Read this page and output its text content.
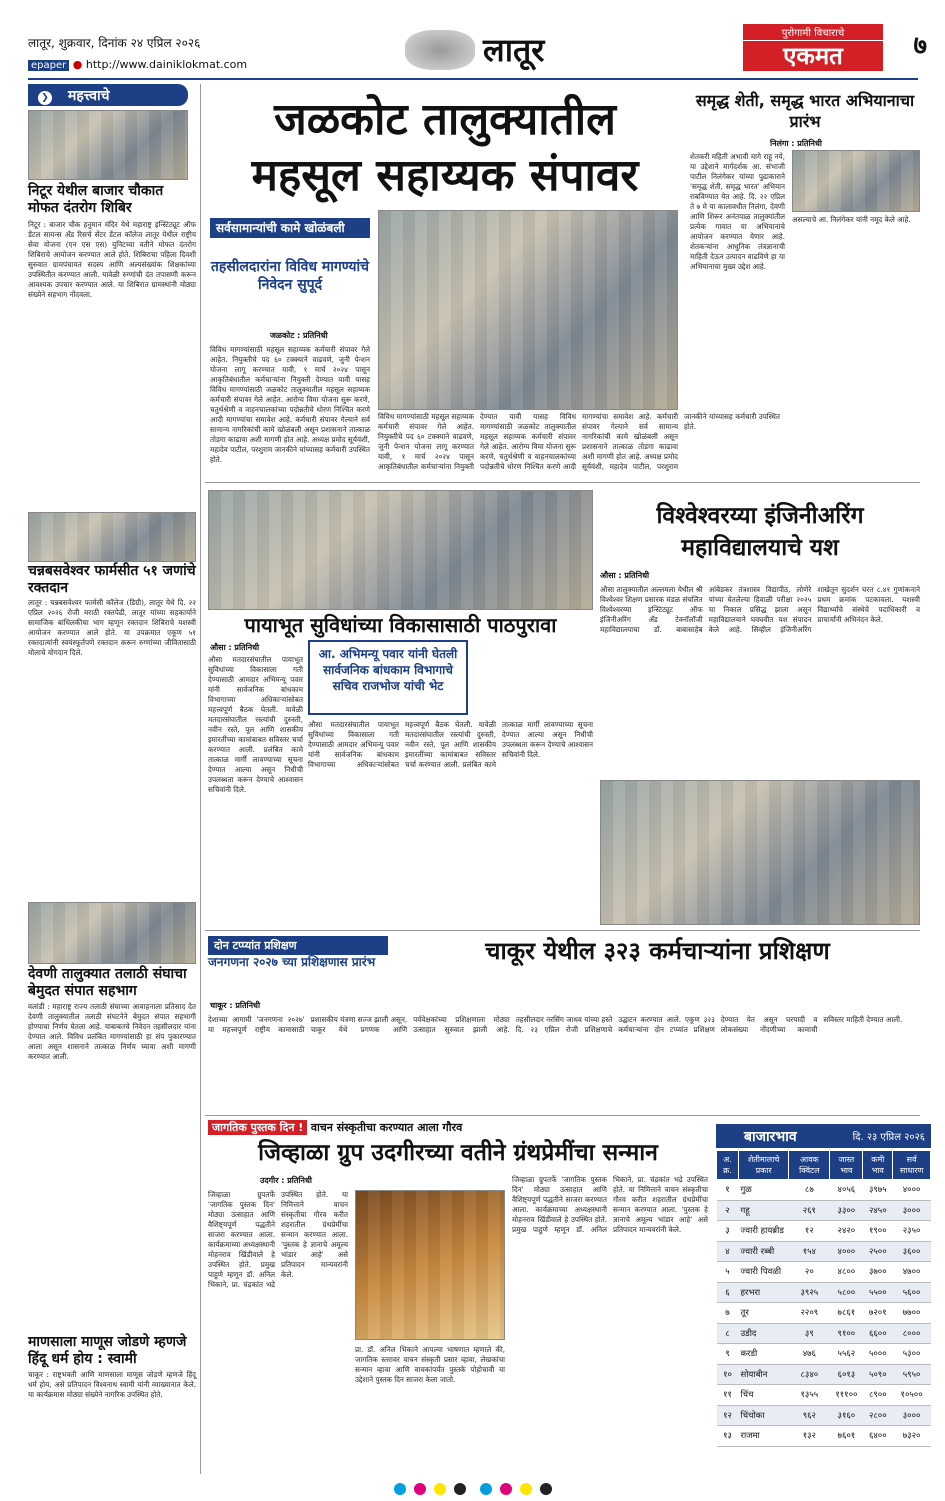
लातूर, शुक्रवार, दिनांक २४ एप्रिल २०२६
epaper ● http://www.dainiklokmat.com	लातूर	पुरोगामी विचाराचे
एकमत	७
❯ महत्त्वाचे
निटूर येथील बाजार चौकात मोफत दंतरोग शिबिर
निटूर : बाजार चौक हनुमान मंदिर येथे महाराष्ट्र इन्स्टिट्यूट ऑफ डेंटल सायन्स अँड रिसर्च सेंटर डेंटल कॉलेज लातूर येथील राष्ट्रीय सेवा योजना (एन एस एस) युनिटच्या वतीने मोफत दंतरोग शिबिराचे आयोजन करण्यात आले होते. शिबिराचा पहिला दिवशी सुरुवात ग्रामपंचायत सदस्य आणि अल्पसंख्यांक शिक्षकांच्या उपस्थितीत करण्यात आली. यावेळी रुग्णांची दंत तपासणी करून आवश्यक उपचार करण्यात आले. या शिबिरात ग्रामस्थांनी मोठ्या संख्येने सहभाग नोंदवला.
चन्नबसवेश्वर फार्मसीत ५१ जणांचे रक्तदान
लातूर : चन्नबसवेश्वर फार्मसी कॉलेज (डिग्री), लातूर येथे दि. २२ एप्रिल २०२६ रोजी मराठी रक्तपेढी, लातूर यांच्या सहकार्याने सामाजिक बांधिलकीचा भाग म्हणून रक्तदान शिबिराचे यशस्वी आयोजन करण्यात आले होते. या उपक्रमात एकूण ५१ रक्तदात्यांनी स्वयंस्फूर्तपणे रक्तदान करून रुग्णांच्या जीवितासाठी मोलाचे योगदान दिले.
देवणी तालुक्यात तलाठी संघाचा बेमुदत संपात सहभाग
वलांडी : महाराष्ट्र राज्य तलाठी संघाच्या आवाहनाला प्रतिसाद देत देवणी तालुक्यातील तलाठी संघटनेने बेमुदत संपात सहभागी होण्याचा निर्णय घेतला आहे. याबाबतचे निवेदन तहसीलदार यांना देण्यात आले. विविध प्रलंबित मागण्यांसाठी हा संप पुकारण्यात आला असून शासनाने तात्काळ निर्णय घ्यावा अशी मागणी करण्यात आली.
माणसाला माणूस जोडणे म्हणजे हिंदू धर्म होय : स्वामी
चाकूर : राष्ट्रभक्ती आणि माणसाला माणूस जोडणे म्हणजे हिंदू धर्म होय, असे प्रतिपादन विश्वनाथ स्वामी यांनी व्याख्यानात केले. या कार्यक्रमास मोठ्या संख्येने नागरिक उपस्थित होते.
जळकोट तालुक्यातील
महसूल सहाय्यक संपावर
सर्वसामान्यांची कामे खोळंबली
तहसीलदारांना विविध मागण्यांचे निवेदन सुपूर्द
जळकोट : प्रतिनिधी
विविध मागण्यांसाठी महसूल सहाय्यक कर्मचारी संपावर गेले आहेत. नियुक्तीचे पद ६० टक्क्याने वाढवणे, जुनी पेन्शन योजना लागू करण्यात यावी, १ मार्च २०२४ पासून आकृतिबंधातील कर्मचाऱ्यांना नियुक्ती देण्यात यावी यासह विविध मागण्यांसाठी जळकोट तालुक्यातील महसूल सहाय्यक कर्मचारी संपावर गेले आहेत. आरोग्य विमा योजना सुरू करणे, चतुर्थश्रेणी व वाहनचालकांच्या पदोन्नतीचे धोरण निश्चित करणे आदी मागण्यांचा समावेश आहे. कर्मचारी संपावर गेल्याने सर्व सामान्य नागरिकांची कामे खोळंबली असून प्रशासनाने तात्काळ तोडगा काढावा अशी मागणी होत आहे. अध्यक्ष प्रमोद सूर्यवंशी, महादेव पाटील, परशुराम जानकीने यांच्यासह कर्मचारी उपस्थित होते.
विविध मागण्यांसाठी महसूल सहाय्यक कर्मचारी संपावर गेले आहेत. नियुक्तीचे पद ६० टक्क्याने वाढवणे, जुनी पेन्शन योजना लागू करण्यात यावी, १ मार्च २०२४ पासून आकृतिबंधातील कर्मचाऱ्यांना नियुक्ती देण्यात यावी यासह विविध मागण्यांसाठी जळकोट तालुक्यातील महसूल सहाय्यक कर्मचारी संपावर गेले आहेत. आरोग्य विमा योजना सुरू करणे, चतुर्थश्रेणी व वाहनचालकांच्या पदोन्नतीचे धोरण निश्चित करणे आदी मागण्यांचा समावेश आहे. कर्मचारी संपावर गेल्याने सर्व सामान्य नागरिकांची कामे खोळंबली असून प्रशासनाने तात्काळ तोडगा काढावा अशी मागणी होत आहे. अध्यक्ष प्रमोद सूर्यवंशी, महादेव पाटील, परशुराम जानकीने यांच्यासह कर्मचारी उपस्थित होते.
समृद्ध शेती, समृद्ध भारत अभियानाचा प्रारंभ
निलंगा : प्रतिनिधी
शेतकरी महिती अभावी मागे राहू नये, या उद्देशाने मार्गदर्शक आ. संभाजी पाटील निलंगेकर यांच्या पुढाकाराने 'समृद्ध शेती, समृद्ध भारत' अभियान राबविण्यात येत आहे. दि. २२ एप्रिल ते ७ मे या कालावधीत निलंगा, देवणी आणि शिरूर अनंतपाळ तालुक्यांतील प्रत्येक गावात या अभियानाचे आयोजन करण्यात येणार आहे. शेतकऱ्यांना आधुनिक तंत्रज्ञानाची माहिती देऊन उत्पादन वाढविणे हा या अभियानाचा मुख्य उद्देश आहे.
असल्याचे आ. निलंगेकर यांनी नमूद केले आहे.
पायाभूत सुविधांच्या विकासासाठी पाठपुरावा
औसा : प्रतिनिधी
औसा मतदारसंघातील पायाभूत सुविधांच्या विकासाला गती देण्यासाठी आमदार अभिमन्यू पवार यांनी सार्वजनिक बांधकाम विभागाच्या अधिकाऱ्यांसोबत महत्त्वपूर्ण बैठक घेतली. यावेळी मतदारसंघातील रस्त्यांची दुरुस्ती, नवीन रस्ते, पूल आणि शासकीय इमारतींच्या कामांबाबत सविस्तर चर्चा करण्यात आली. प्रलंबित कामे तात्काळ मार्गी लावण्याच्या सूचना देण्यात आल्या असून निधीची उपलब्धता करून देण्याचे आश्वासन सचिवांनी दिले.
आ. अभिमन्यू पवार यांनी घेतली सार्वजनिक बांधकाम विभागाचे सचिव राजभोज यांची भेट
औसा मतदारसंघातील पायाभूत सुविधांच्या विकासाला गती देण्यासाठी आमदार अभिमन्यू पवार यांनी सार्वजनिक बांधकाम विभागाच्या अधिकाऱ्यांसोबत महत्त्वपूर्ण बैठक घेतली. यावेळी मतदारसंघातील रस्त्यांची दुरुस्ती, नवीन रस्ते, पूल आणि शासकीय इमारतींच्या कामांबाबत सविस्तर चर्चा करण्यात आली. प्रलंबित कामे तात्काळ मार्गी लावण्याच्या सूचना देण्यात आल्या असून निधीची उपलब्धता करून देण्याचे आश्वासन सचिवांनी दिले.
विश्वेश्वरय्या इंजिनीअरिंग
महाविद्यालयाचे यश
औसा : प्रतिनिधी
औसा तालुक्यातील अल्लमला येथील श्री विश्वेश्वर शिक्षण प्रसारक मंडळ संचलित विश्वेश्वरय्या इन्स्टिट्यूट ऑफ इंजिनीअरिंग अँड टेक्नॉलॉजी महाविद्यालयाचा डॉ. बाबासाहेब आंबेडकर तंत्रशास्त्र विद्यापीठ, लोणेरे यांच्या घेतलेल्या हिवाळी परीक्षा २०२५ चा निकाल प्रसिद्ध झाला असून महाविद्यालयाने घवघवीत यश संपादन केले आहे. सिव्हील इंजिनीअरिंग शाखेतून सुदर्शन घरत ८.४१ गुणांकनाने प्रथम क्रमांक पटकावला. यशस्वी विद्यार्थ्यांचे संस्थेचे पदाधिकारी व प्राचार्यांनी अभिनंदन केले.
दोन टप्प्यांत प्रशिक्षण
जनगणना २०२७ च्या प्रशिक्षणास प्रारंभ	चाकूर येथील ३२३ कर्मचाऱ्यांना प्रशिक्षण
चाकूर : प्रतिनिधी
देशाच्या आगामी 'जनगणना २०२७' या महत्त्वपूर्ण राष्ट्रीय कामासाठी प्रशासकीय यंत्रणा सज्ज झाली असून, चाकूर येथे प्रगणक आणि पर्यवेक्षकांच्या प्रशिक्षणाला मोठ्या उत्साहात सुरुवात झाली आहे. तहसीलदार नरसिंग जाधव यांच्या हस्ते दि. २३ एप्रिल रोजी प्रशिक्षणाचे उद्घाटन करण्यात आले. एकूण ३२३ कर्मचाऱ्यांना दोन टप्प्यांत प्रशिक्षण देण्यात येत असून घरयादी व लोकसंख्या नोंदणीच्या कामाची सविस्तर माहिती देण्यात आली.
जागतिक पुस्तक दिन ! वाचन संस्कृतीचा करण्यात आला गौरव
जिव्हाळा ग्रुप उदगीरच्या वतीने ग्रंथप्रेमींचा सन्मान
उदगीर : प्रतिनिधी
जिव्हाळा ग्रुपतर्फे 'जागतिक पुस्तक दिन' मोठ्या उत्साहात आणि वैशिष्ट्यपूर्ण पद्धतीने साजरा करण्यात आला. कार्यक्रमाच्या अध्यक्षस्थानी मोहनराव खिंडीवाले हे उपस्थित होते. प्रमुख पाहुणे म्हणून डॉ. अनिल भिकाने, प्रा. चंद्रकांत भद्रे उपस्थित होते. या निमित्ताने वाचन संस्कृतीचा गौरव करीत शहरातील ग्रंथप्रेमींचा सन्मान करण्यात आला. 'पुस्तक हे ज्ञानाचे अमूल्य भांडार आहे' असे प्रतिपादन मान्यवरांनी केले.
प्रा. डॉ. अनिल भिकाने आपल्या भाषणात म्हणाले की, जागतिक स्तरावर वाचन संस्कृती प्रसार व्हावा, लेखकांचा सन्मान व्हावा आणि वाचकांपर्यंत पुस्तके पोहोचावी या उद्देशाने पुस्तक दिन साजरा केला जातो.
जिव्हाळा ग्रुपतर्फे 'जागतिक पुस्तक दिन' मोठ्या उत्साहात आणि वैशिष्ट्यपूर्ण पद्धतीने साजरा करण्यात आला. कार्यक्रमाच्या अध्यक्षस्थानी मोहनराव खिंडीवाले हे उपस्थित होते. प्रमुख पाहुणे म्हणून डॉ. अनिल भिकाने, प्रा. चंद्रकांत भद्रे उपस्थित होते. या निमित्ताने वाचन संस्कृतीचा गौरव करीत शहरातील ग्रंथप्रेमींचा सन्मान करण्यात आला. 'पुस्तक हे ज्ञानाचे अमूल्य भांडार आहे' असे प्रतिपादन मान्यवरांनी केले.
बाजारभाव	दि. २३ एप्रिल २०२६
अ. क्र.	शेतीमालाचे प्रकार	आवक क्विंटल	जास्त भाव	कमी भाव	सर्व साधारण
१	गुळ	८७	४०५६	३९७५	४०००
२	गहू	२६१	३३००	२४५०	३०००
३	ज्वारी हायब्रीड	१२	२४२०	१९००	२३५०
४	ज्वारी रब्बी	१५४	४०००	२५००	३६००
५	ज्वारी पिवळी	२०	४८००	३७००	४७००
६	हरभरा	३९२५	५८००	५५००	५६००
७	तूर	२२०९	७८६१	७२०१	७७००
८	उडीद	३९	९१००	६६००	८०००
९	करडी	४७६	५५६२	५०००	५३००
१०	सोयाबीन	८३४०	६०१३	५०९०	५९५०
११	चिंच	१३५५	१११००	८९००	१०५००
१२	चिंचोका	९६२	३१६०	२८००	३०००
१३	राजमा	१३२	७६०१	६४००	७३२०
